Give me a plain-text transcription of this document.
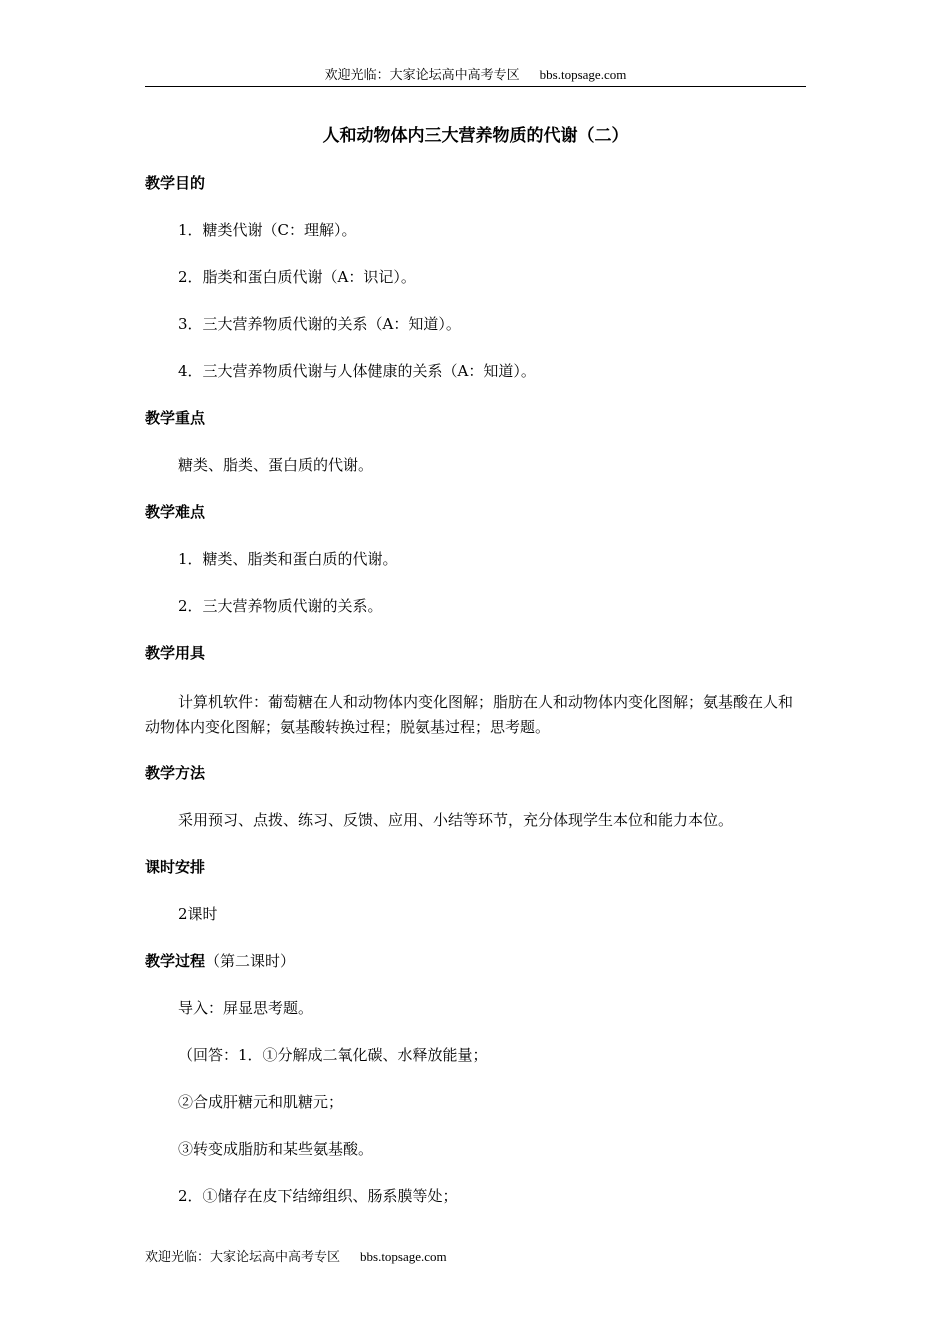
欢迎光临：大家论坛高中高考专区 bbs.topsage.com
人和动物体内三大营养物质的代谢（二）
教学目的
1．糖类代谢（C：理解）。
2．脂类和蛋白质代谢（A：识记）。
3．三大营养物质代谢的关系（A：知道）。
4．三大营养物质代谢与人体健康的关系（A：知道）。
教学重点
糖类、脂类、蛋白质的代谢。
教学难点
1．糖类、脂类和蛋白质的代谢。
2．三大营养物质代谢的关系。
教学用具
计算机软件：葡萄糖在人和动物体内变化图解；脂肪在人和动物体内变化图解；氨基酸在人和动物体内变化图解；氨基酸转换过程；脱氨基过程；思考题。
教学方法
采用预习、点拨、练习、反馈、应用、小结等环节，充分体现学生本位和能力本位。
课时安排
2课时
教学过程（第二课时）
导入：屏显思考题。
（回答：1．①分解成二氧化碳、水释放能量；
②合成肝糖元和肌糖元；
③转变成脂肪和某些氨基酸。
2．①储存在皮下结缔组织、肠系膜等处；
欢迎光临：大家论坛高中高考专区 bbs.topsage.com
